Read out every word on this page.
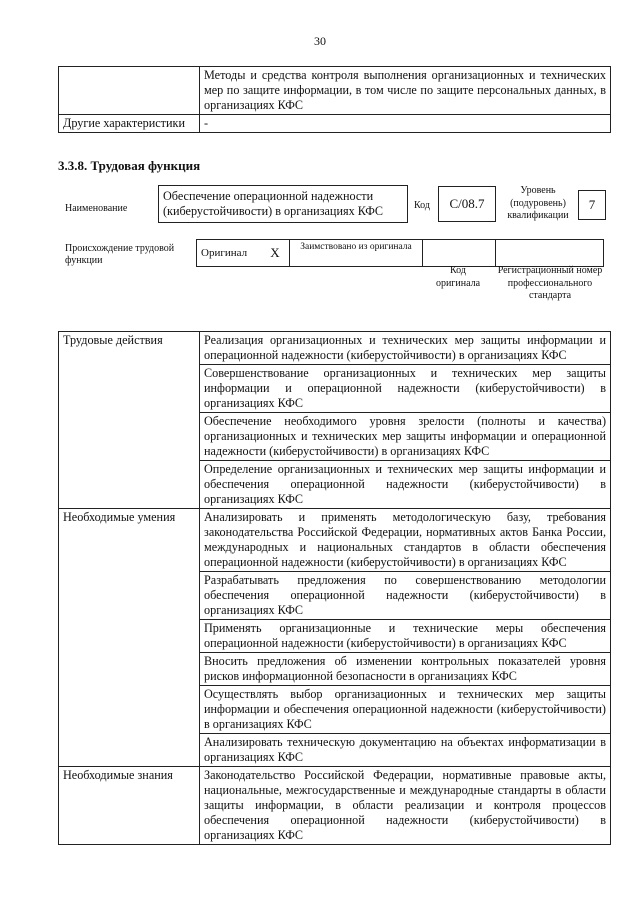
30
	Методы и средства контроля выполнения организационных и технических мер по защите информации, в том числе по защите персональных данных, в организациях КФС
Другие характеристики	-
3.3.8. Трудовая функция
Наименование
Обеспечение операционной надежности (киберустойчивости) в организациях КФС	Код	С/08.7
Уровень (подуровень) квалификации
7
Происхождение трудовой функции
Оригинал	X	Заимствовано из оригинала		
Код оригинала
Регистрационный номер профессионального стандарта
Трудовые действия	Реализация организационных и технических мер защиты информации и операционной надежности (киберустойчивости) в организациях КФС
	Совершенствование организационных и технических мер защиты информации и операционной надежности (киберустойчивости) в организациях КФС
	Обеспечение необходимого уровня зрелости (полноты и качества) организационных и технических мер защиты информации и операционной надежности (киберустойчивости) в организациях КФС
	Определение организационных и технических мер защиты информации и обеспечения операционной надежности (киберустойчивости) в организациях КФС
Необходимые умения	Анализировать и применять методологическую базу, требования законодательства Российской Федерации, нормативных актов Банка России, международных и национальных стандартов в области обеспечения операционной надежности (киберустойчивости) в организациях КФС
	Разрабатывать предложения по совершенствованию методологии обеспечения операционной надежности (киберустойчивости) в организациях КФС
	Применять организационные и технические меры обеспечения операционной надежности (киберустойчивости) в организациях КФС
	Вносить предложения об изменении контрольных показателей уровня рисков информационной безопасности в организациях КФС
	Осуществлять выбор организационных и технических мер защиты информации и обеспечения операционной надежности (киберустойчивости) в организациях КФС
	Анализировать техническую документацию на объектах информатизации в организациях КФС
Необходимые знания	Законодательство Российской Федерации, нормативные правовые акты, национальные, межгосударственные и международные стандарты в области защиты информации, в области реализации и контроля процессов обеспечения операционной надежности (киберустойчивости) в организациях КФС
